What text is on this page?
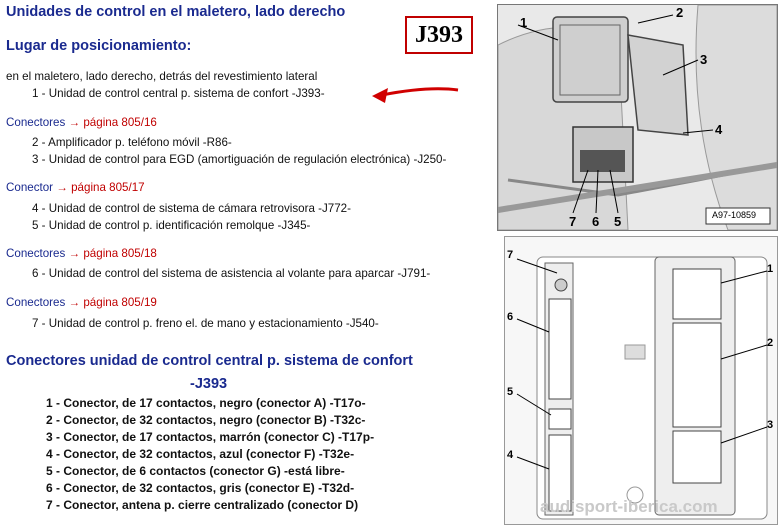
Unidades de control en el maletero, lado derecho
J393
Lugar de posicionamiento:
en el maletero, lado derecho, detrás del revestimiento lateral
1 - Unidad de control central p. sistema de confort -J393-
Conectores → página 805/16
2 - Amplificador p. teléfono móvil -R86-
3 - Unidad de control para EGD (amortiguación de regulación electrónica) -J250-
Conector → página 805/17
4 - Unidad de control de sistema de cámara retrovisora -J772-
5 - Unidad de control p. identificación remolque -J345-
Conectores → página 805/18
6 - Unidad de control del sistema de asistencia al volante para aparcar -J791-
Conectores → página 805/19
7 - Unidad de control p. freno el. de mano y estacionamiento -J540-
Conectores unidad de control central p. sistema de confort
-J393
1 - Conector, de 17 contactos, negro (conector A) -T17o-
2 - Conector, de 32 contactos, negro (conector B) -T32c-
3 - Conector, de 17 contactos, marrón (conector C) -T17p-
4 - Conector, de 32 contactos, azul (conector F) -T32e-
5 - Conector, de 6 contactos (conector G) -está libre-
6 - Conector, de 32 contactos, gris (conector E) -T32d-
7 - Conector, antena p. cierre centralizado (conector D)
1
2
3
4
5
6
7	A97-10859
7
6
5
4
1
2
3
audisport-iberica.com
